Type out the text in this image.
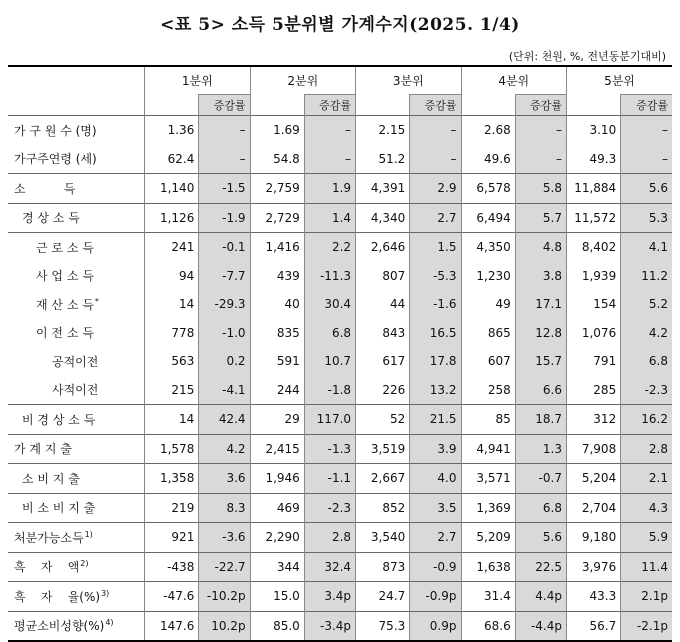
<표 5> 소득 5분위별 가계수지(2025. 1/4)
(단위: 천원, %, 전년동분기대비)
	1분위		2분위		3분위		4분위		5분위	
		증감률		증감률		증감률		증감률		증감률
가 구 원 수 (명)	1.36	–	1.69	–	2.15	–	2.68	–	3.10	–
가구주연령 (세)	62.4	–	54.8	–	51.2	–	49.6	–	49.3	–
소          득	1,140	-1.5	2,759	1.9	4,391	2.9	6,578	5.8	11,884	5.6
경 상 소 득	1,126	-1.9	2,729	1.4	4,340	2.7	6,494	5.7	11,572	5.3
근 로 소 득	241	-0.1	1,416	2.2	2,646	1.5	4,350	4.8	8,402	4.1
사 업 소 득	94	-7.7	439	-11.3	807	-5.3	1,230	3.8	1,939	11.2
재 산 소 득*	14	-29.3	40	30.4	44	-1.6	49	17.1	154	5.2
이 전 소 득	778	-1.0	835	6.8	843	16.5	865	12.8	1,076	4.2
공적이전	563	0.2	591	10.7	617	17.8	607	15.7	791	6.8
사적이전	215	-4.1	244	-1.8	226	13.2	258	6.6	285	-2.3
비 경 상 소 득	14	42.4	29	117.0	52	21.5	85	18.7	312	16.2
가 계 지 출	1,578	4.2	2,415	-1.3	3,519	3.9	4,941	1.3	7,908	2.8
소 비 지 출	1,358	3.6	1,946	-1.1	2,667	4.0	3,571	-0.7	5,204	2.1
비 소 비 지 출	219	8.3	469	-2.3	852	3.5	1,369	6.8	2,704	4.3
처분가능소득$^{1)}$	921	-3.6	2,290	2.8	3,540	2.7	5,209	5.6	9,180	5.9
흑    자    액$^{2)}$	-438	-22.7	344	32.4	873	-0.9	1,638	22.5	3,976	11.4
흑    자    율(%)$^{3)}$	-47.6	-10.2p	15.0	3.4p	24.7	-0.9p	31.4	4.4p	43.3	2.1p
평균소비성향(%)$^{4)}$	147.6	10.2p	85.0	-3.4p	75.3	0.9p	68.6	-4.4p	56.7	-2.1p
